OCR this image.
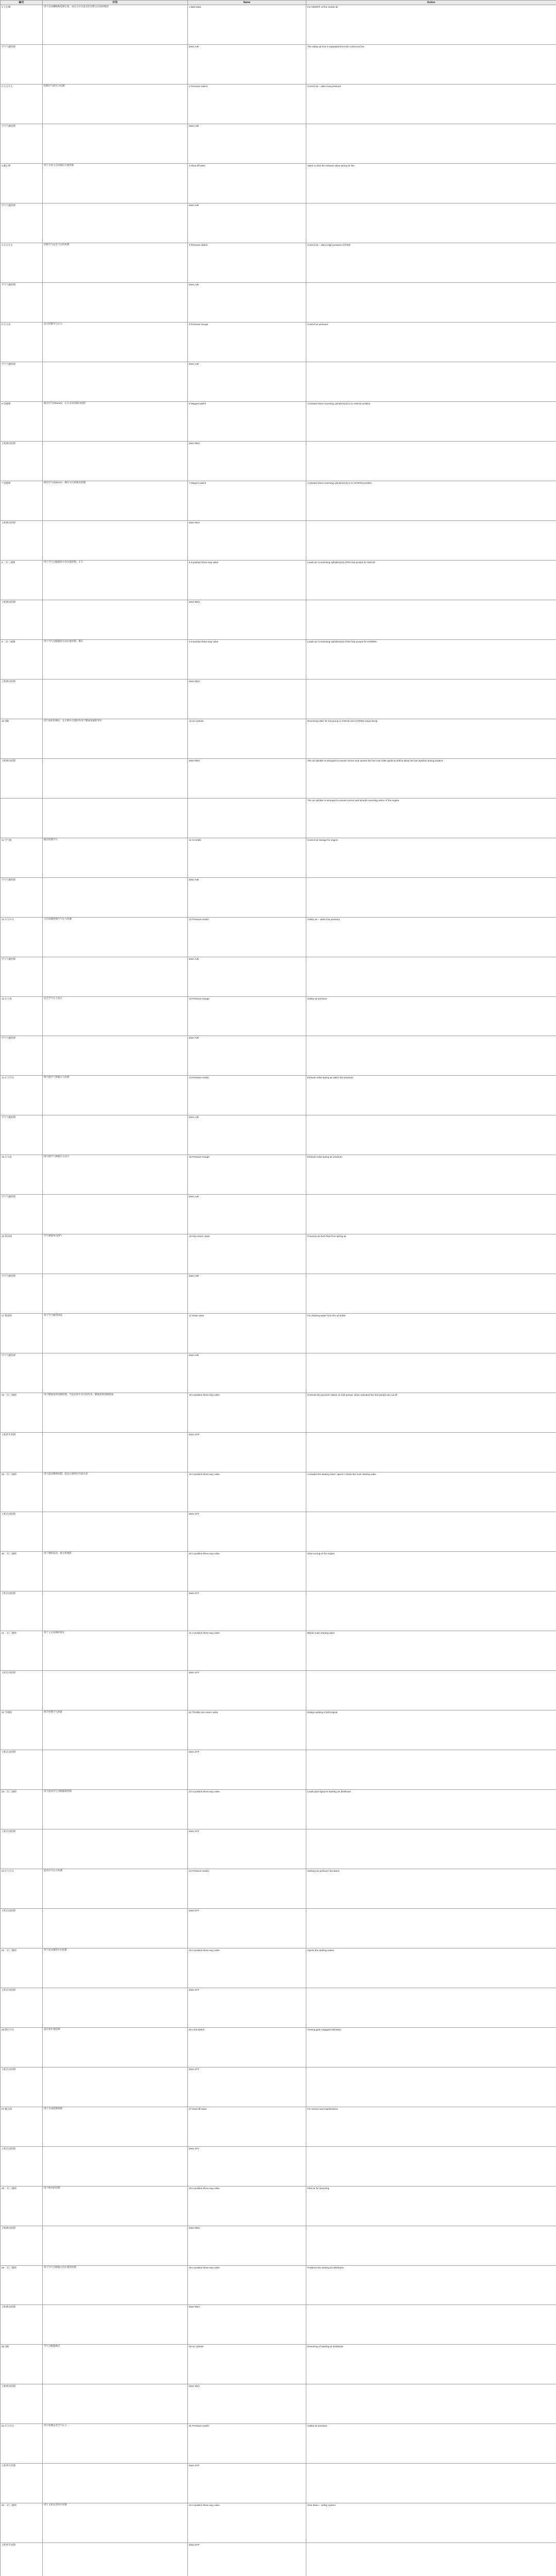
编号	作用	Name	Action
1 主启阀	用于启动操纵和控制主机，由压力开关发出信号给主启动时使用	1 Ball valve	For ON/OFF of the control air
空气气源控制		ENG-AIR	The safety air line is separated from the control air line.
2 压力开关	控制空气的压力检测	2 Pressure switch	Control air – alarm low pressure
空气气源控制		ENG-AIR	
3 截止阀	用于关闭主启动阀后开通管路	3 Shut-off valve	Valve to shut the exhaust valve spring air line
空气气源控制		ENG-AIR	
4 压力开关	控制空气安全气压的检测	4 Pressure switch	Control air – alarm high pressure of PWS
空气气源控制		ENG-AIR	
5 压力表	显示控制空气压力	5 Pressure Gauge	Control air pressure
空气气源控制		ENG-AIR	
6 电磁阀	换向空气(Ahead)，正车方向的换向控制	6 Magnet switch	Activated when reversing cylinders(13) is in AHEAD position
主机换向控制		ENG-REV	
7 电磁阀	换向空气(Astern)，倒车方向的换向控制	7 Magnet switch	Activated when reversing cylinders(13) is in ASTERN position
主机换向控制		ENG-REV	
8 二位三通阀	用于空气分配器的方向位置控制，正车	8 2-position three-way valve	Leads air to reversing cylinders(13) of the fuel pumps for AHEAD
主机换向控制		ENG-REV	
9 二位三通阀	用于空气分配器的方向位置控制，倒车	9 2-position three-way valve	Leads air to reversing cylinders(13) of the fuel pumps for ASTERN
主机换向控制		ENG-REV	
10 油缸	用于油泵的换向，在正倒车位置时作用于燃油泵滚轮导块	10 Air cylinder	Reversing roller for fuel pump in AHEAD and ASTERN respectively
主机换向控制		ENG-REV	The air cylinder is arranged to ensure correct and causes the fuel cam roller guide to shift to allow the fuel injection timing position
			The air cylinder is arranged to ensure correct and smooth reversing action of the engine
11 空气瓶	储存控制空气	11 Air bottle	Control air storage for engine
空气气源控制		ENG-AIR	
12 压力开关	主启动阀控制空气压力检测	12 Pressure switch	Safety air – alarm low pressure
空气气源控制		ENG-AIR	
13 压力表	安全空气压力显示	13 Pressure Gauge	Safety air pressure
空气气源控制		ENG-AIR	
14 压力开关	排气阀空气弹簧压力检测	14 Pressure switch	Exhaust valve spring air alarm low pressure
空气气源控制		ENG-AIR	
15 压力表	排气阀空气弹簧压力显示	15 Pressure Gauge	Exhaust valve spring air pressure
空气气源控制		ENG-AIR	
16 单向阀	空气弹簧单向供气	16 Non-return valve	Prevents air back flow from spring air
空气气源控制		ENG-AIR	
17 排放阀	用于空气瓶的排放	17 Drain valve	For draining water from the air bottle
空气气源控制		ENG-AIR	
18 二位三通阀	用于燃油泵的切断控制，当发出停车信号时作用，燃油泵被切断供油	18 2-position three-way valve	Controls the puncture valves on fuel pumps; when activated the fuel pumps are cut off
主机停车控制		ENG-STP	
19 二位三通阀	用于起动阀的控制，起动主阀的打开或关闭	19 2-position three-way valve	Activates the starting valve; opens / closes the main starting valve
主机启动控制		ENG-STT	
20 二位三通阀	用于慢转起动，使主机慢转	20 2-position three-way valve	Slow turning of the engine
主机启动控制		ENG-STT	
21 二位三通阀	用于主启动阀的锁定	21 2-position three-way valve	Blocks main starting valve
主机启动控制		ENG-STT	
22 节流阀	调节控制空气流量	22 Throttle non-return valve	Delays venting of pilot signal
主机启动控制		ENG-STT	
23 二位三通阀	用于起动空气分配器的控制	23 2-position three-way valve	Leads pilot signal to starting air distributor
主机启动控制		ENG-STT	
24 压力开关	起动空气压力检测	24 Pressure switch	Starting air pressure low alarm
主机启动控制		ENG-STT	
25 二位三通阀	用于起动阀的开启控制	25 2-position three-way valve	Opens the starting valves
主机启动控制		ENG-STT	
26 限位开关	盘车机位置检测	26 Limit switch	Turning gear engaged indication
主机启动控制		ENG-STT	
27 截止阀	用于关闭控制管路	27 Shut-off valve	For service and maintenance
主机启动控制		ENG-STT	
28 二位三通阀	用于换向的控制	28 2-position three-way valve	Pilot air for reversing
主机换向控制		ENG-REV	
29 二位三通阀	用于空气分配器方向位置的控制	29 2-position three-way valve	Positions the starting air distributor
主机换向控制		ENG-REV	
30 油缸	空气分配器换向	30 Air cylinder	Reversing of starting air distributor
主机换向控制		ENG-REV	
31 压力开关	用于检测安全空气压力	31 Pressure switch	Safety air pressure
主机停车控制		ENG-STP	
32 二位三通阀	用于主机安全停车控制	32 2-position three-way valve	Shut down – safety system
主机停车控制		ENG-STP	
